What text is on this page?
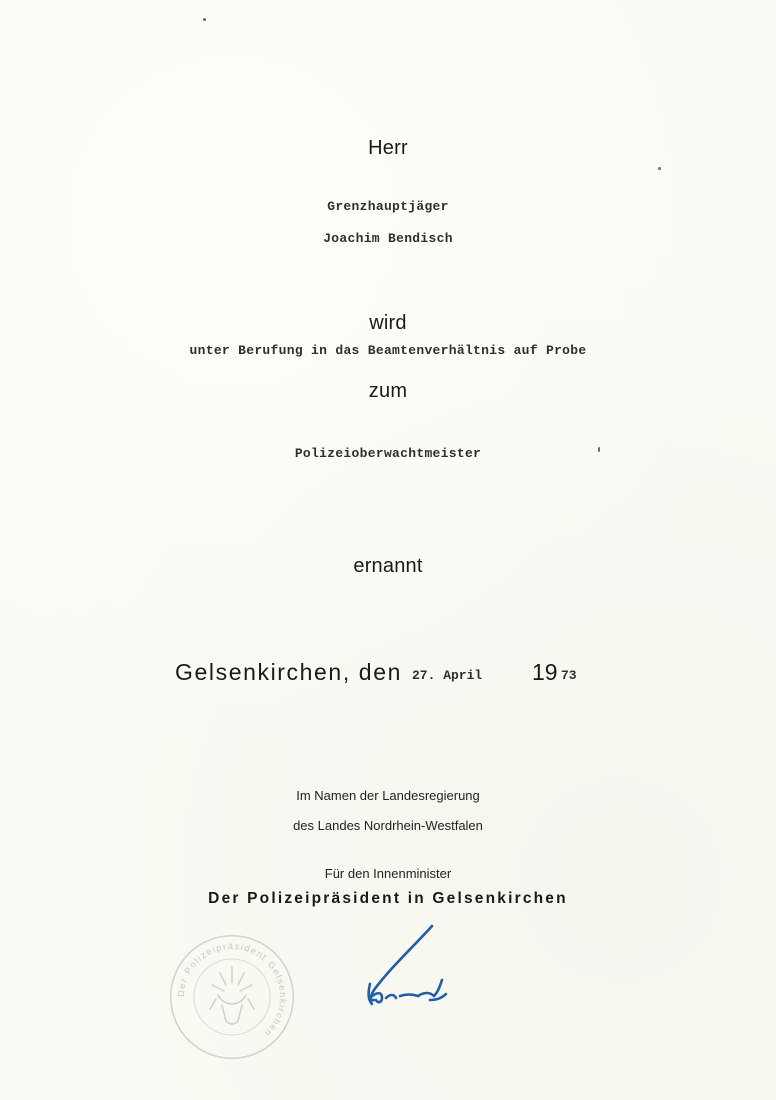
Herr
Grenzhauptjäger
Joachim Bendisch
wird
unter Berufung in das Beamtenverhältnis auf Probe
zum
Polizeioberwachtmeister
ernannt
Gelsenkirchen, den 27. April 19 73
Im Namen der Landesregierung
des Landes Nordrhein-Westfalen
Für den Innenminister
Der Polizeipräsident in Gelsenkirchen
Der Polizeipräsident Gelsenkirchen
